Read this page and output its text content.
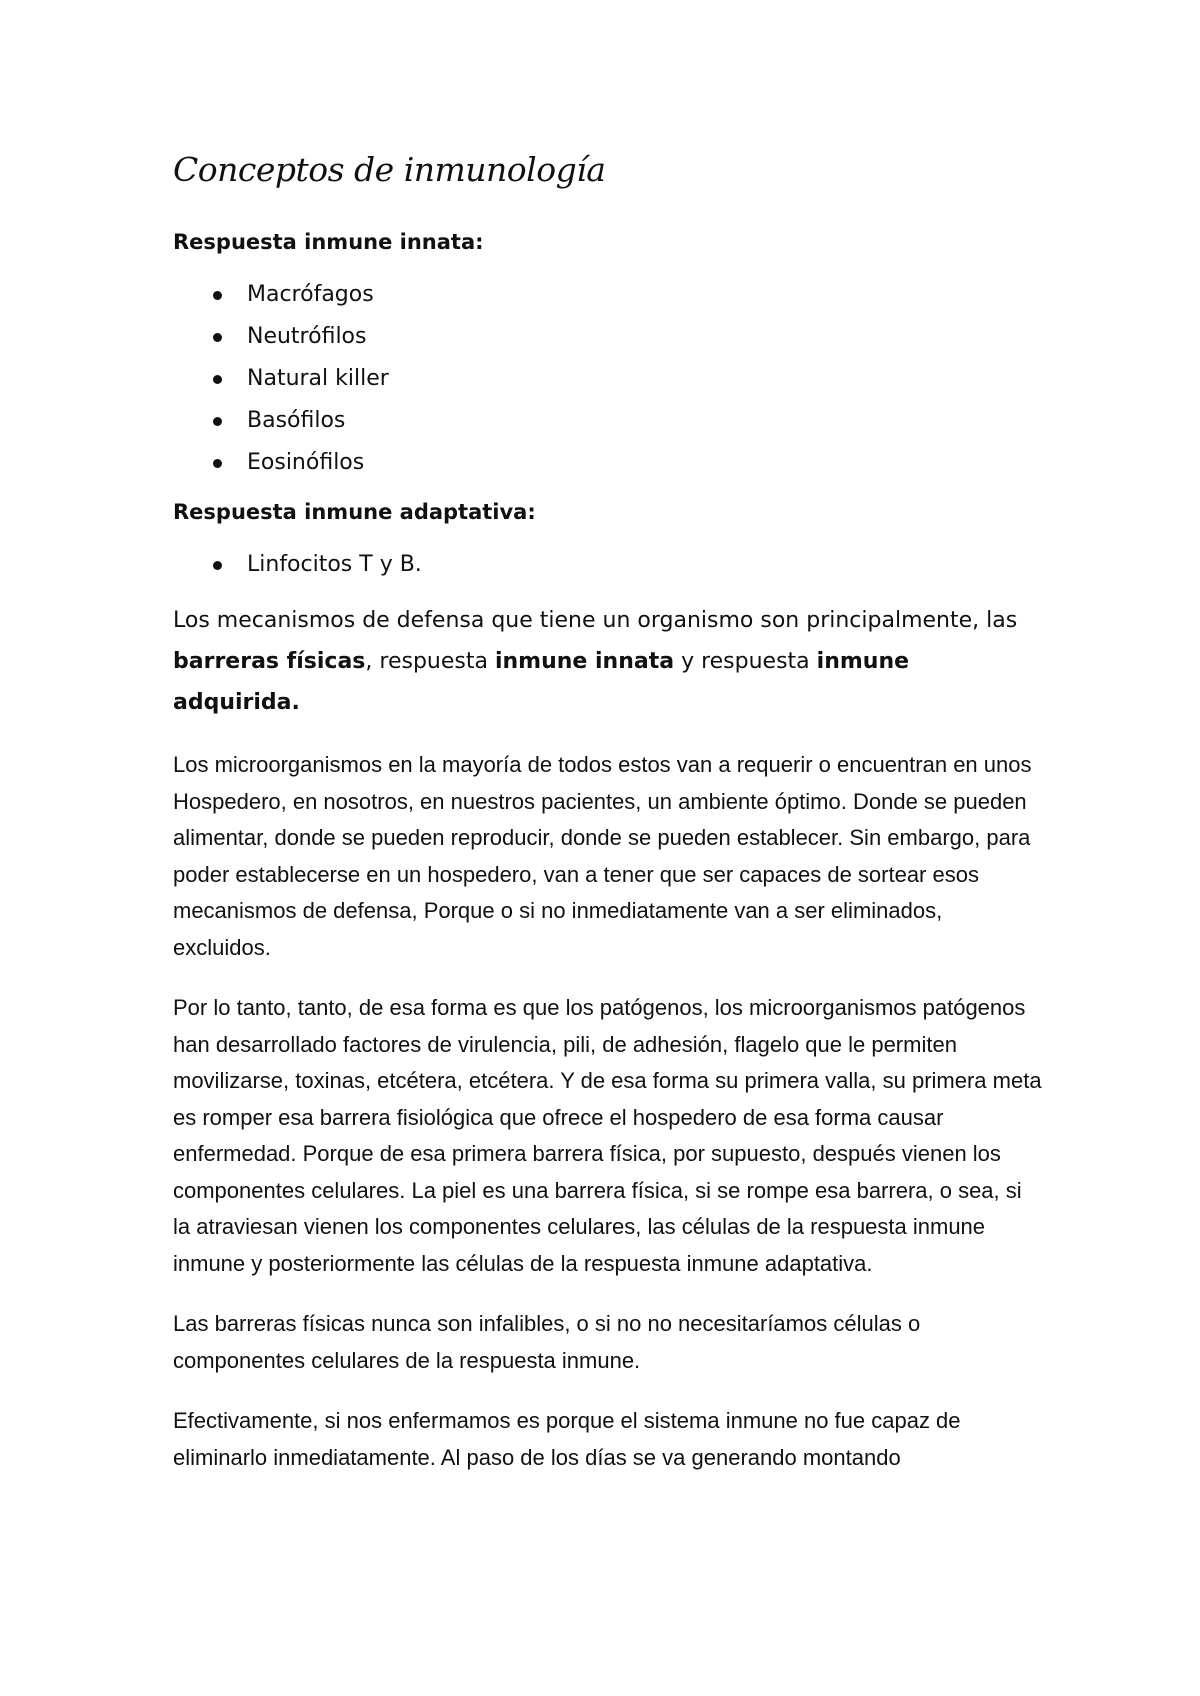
Conceptos de inmunología
Respuesta inmune innata:
Macrófagos
Neutrófilos
Natural killer
Basófilos
Eosinófilos
Respuesta inmune adaptativa:
Linfocitos T y B.

Los mecanismos de defensa que tiene un organismo son principalmente, las barreras físicas, respuesta inmune innata y respuesta inmune adquirida.

Los microorganismos en la mayoría de todos estos van a requerir o encuentran en unos Hospedero, en nosotros, en nuestros pacientes, un ambiente óptimo. Donde se pueden alimentar, donde se pueden reproducir, donde se pueden establecer. Sin embargo, para poder establecerse en un hospedero, van a tener que ser capaces de sortear esos mecanismos de defensa, Porque o si no inmediatamente van a ser eliminados, excluidos.

Por lo tanto, tanto, de esa forma es que los patógenos, los microorganismos patógenos han desarrollado factores de virulencia, pili, de adhesión, flagelo que le permiten movilizarse, toxinas, etcétera, etcétera. Y de esa forma su primera valla, su primera meta es romper esa barrera fisiológica que ofrece el hospedero de esa forma causar enfermedad. Porque de esa primera barrera física, por supuesto, después vienen los componentes celulares. La piel es una barrera física, si se rompe esa barrera, o sea, si la atraviesan vienen los componentes celulares, las células de la respuesta inmune inmune y posteriormente las células de la respuesta inmune adaptativa.

Las barreras físicas nunca son infalibles, o si no no necesitaríamos células o componentes celulares de la respuesta inmune.

Efectivamente, si nos enfermamos es porque el sistema inmune no fue capaz de eliminarlo inmediatamente. Al paso de los días se va generando montando
